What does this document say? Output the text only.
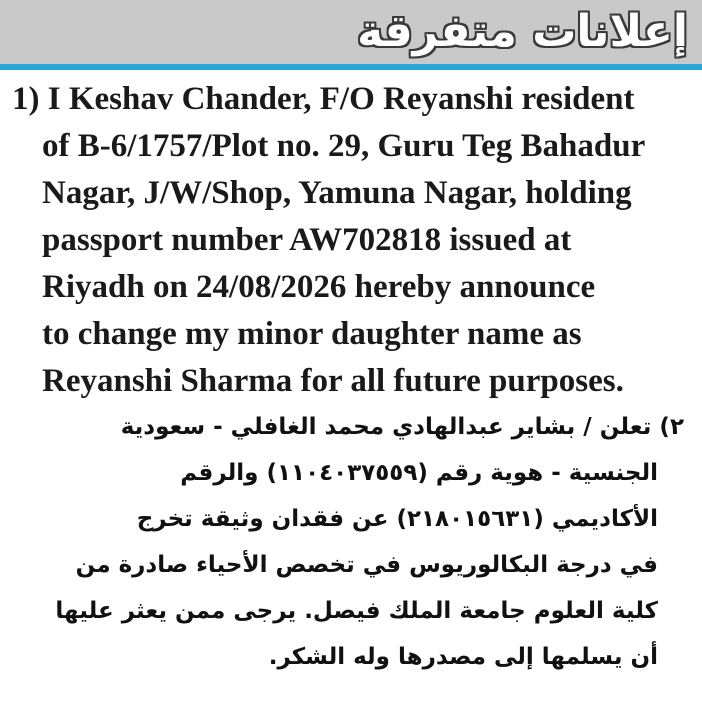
إعلانات متفرقة
1) I Keshav Chander, F/O Reyanshi resident
of B-6/1757/Plot no. 29, Guru Teg Bahadur
Nagar, J/W/Shop, Yamuna Nagar, holding
passport number AW702818 issued at
Riyadh on 24/08/2026 hereby announce
to change my minor daughter name as
Reyanshi Sharma for all future purposes.
٢) تعلن / بشاير عبدالهادي محمد الغافلي - سعودية
الجنسية - هوية رقم (١١٠٤٠٣٧٥٥٩) والرقم
الأكاديمي (٢١٨٠١٥٦٣١) عن فقدان وثيقة تخرج
في درجة البكالوريوس في تخصص الأحياء صادرة من
كلية العلوم جامعة الملك فيصل. يرجى ممن يعثر عليها
أن يسلمها إلى مصدرها وله الشكر.
